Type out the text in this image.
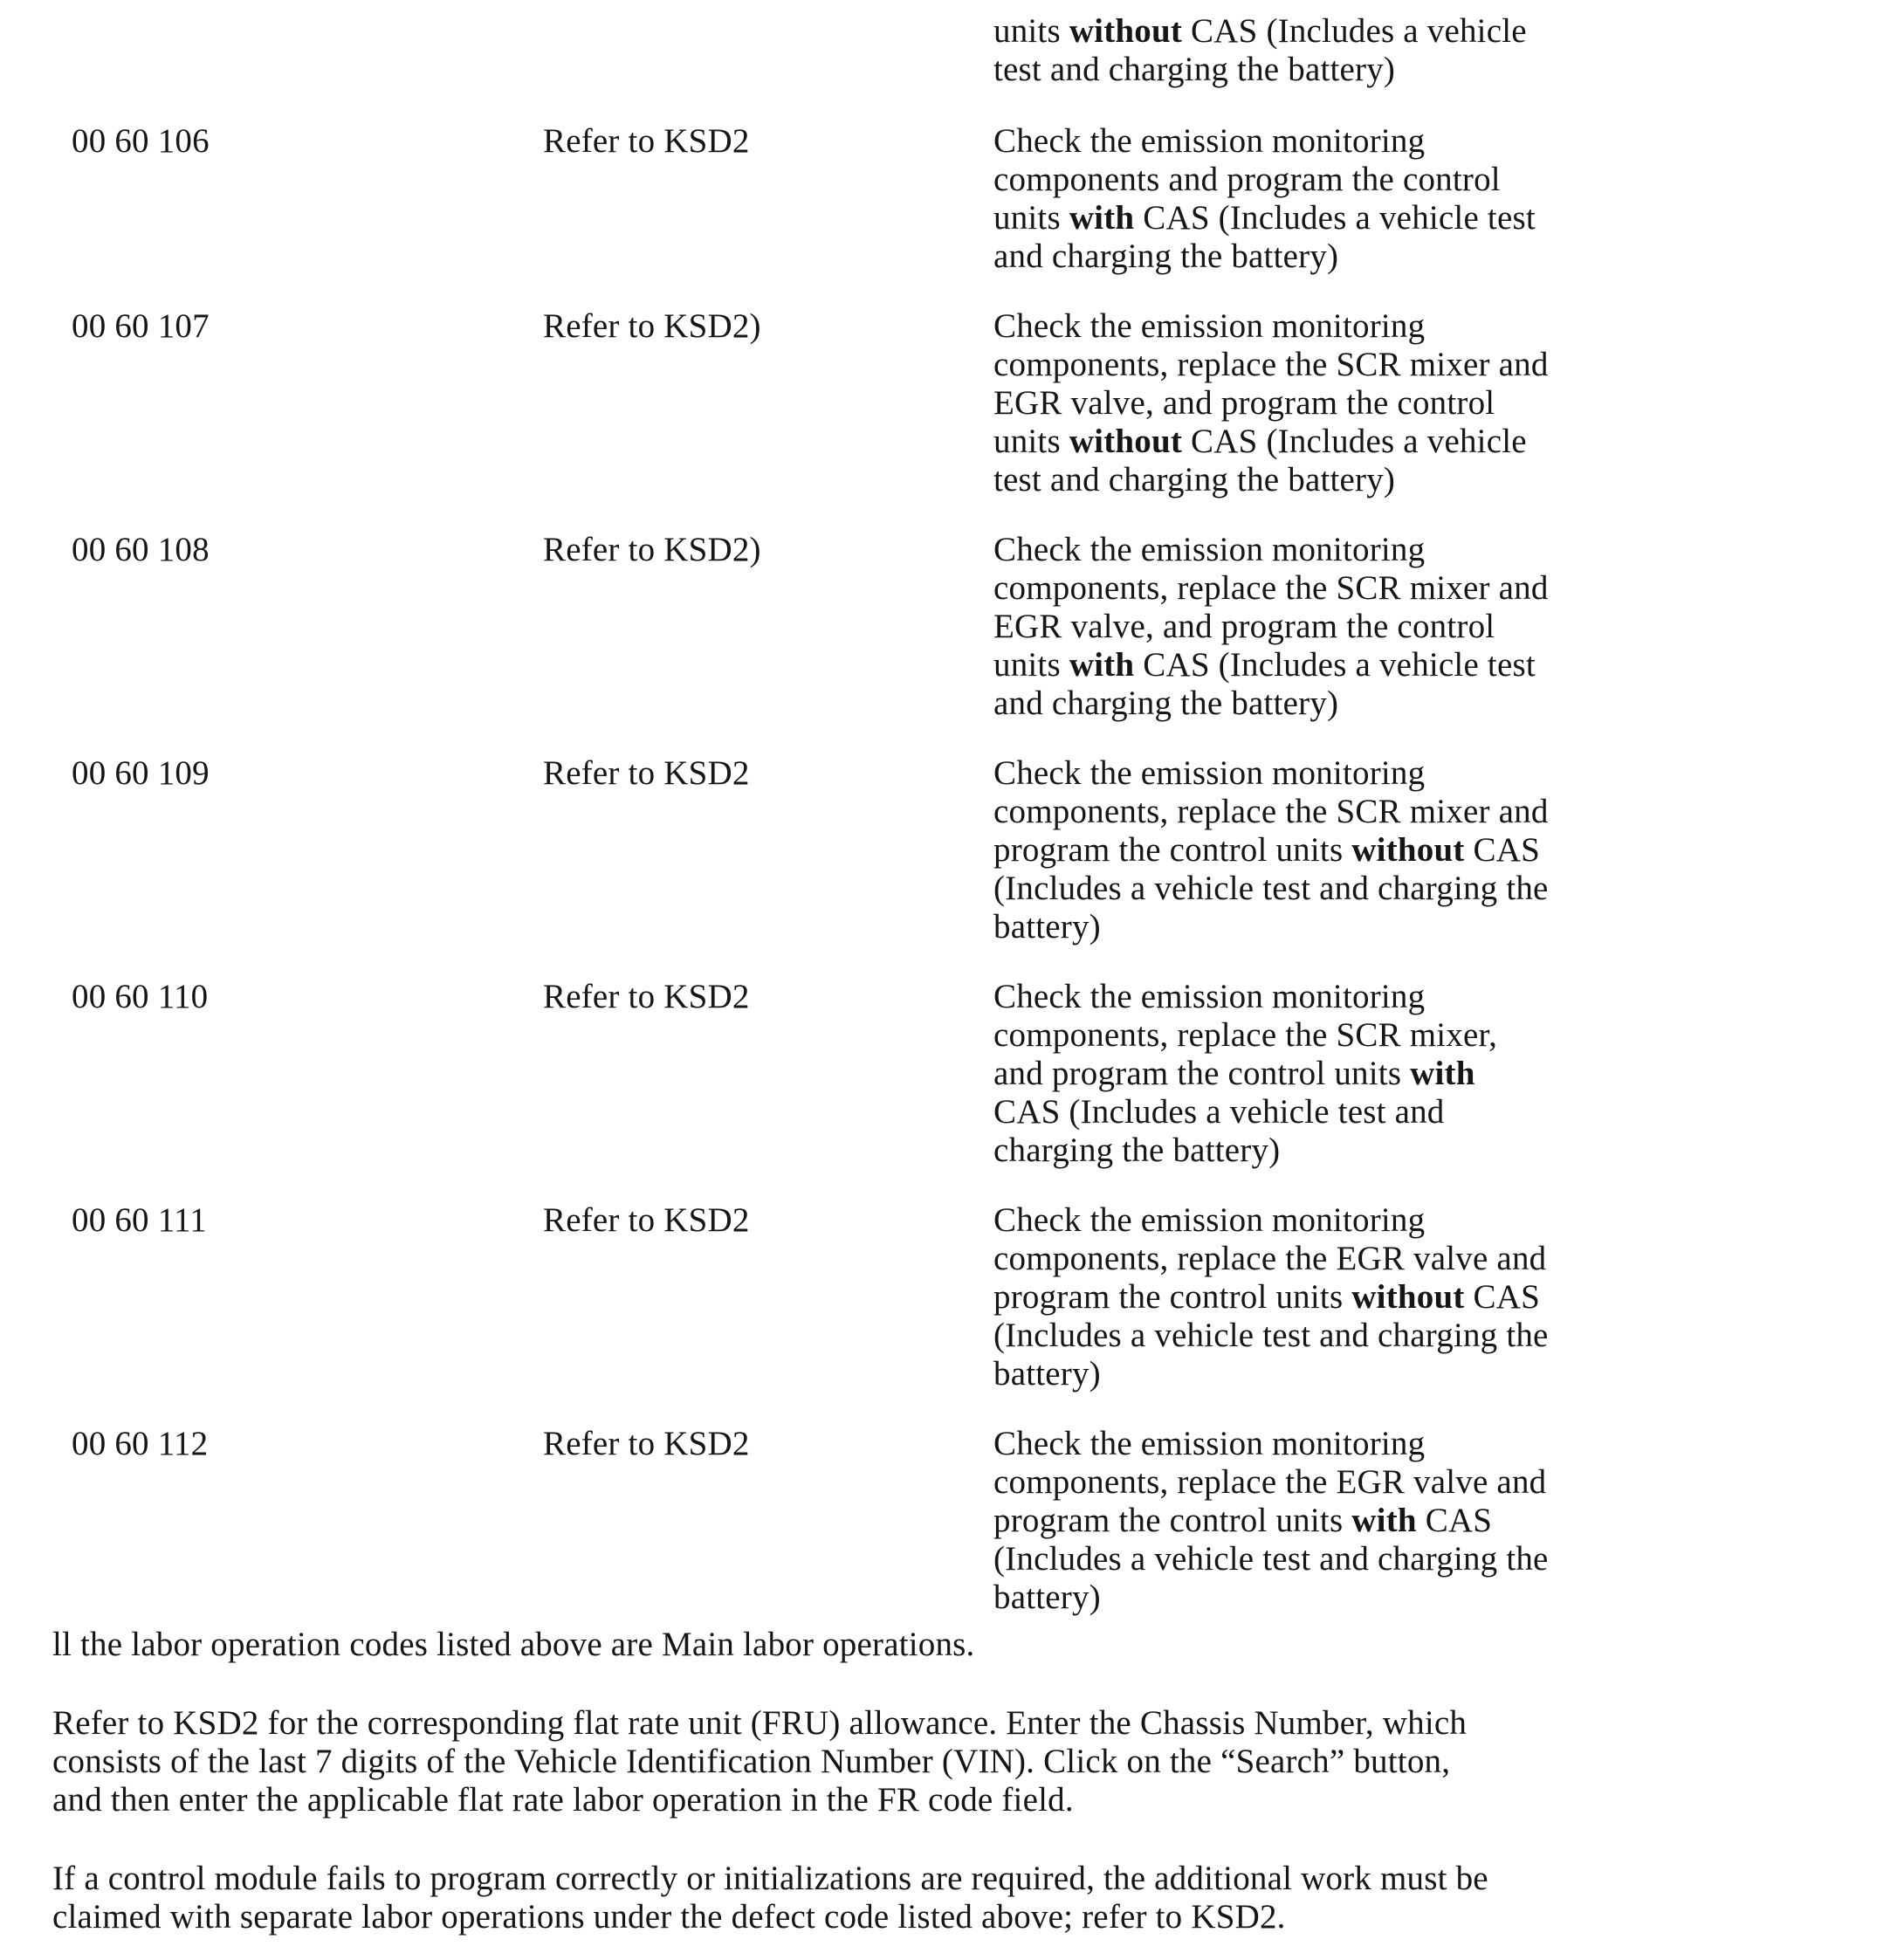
units without CAS (Includes a vehicle
test and charging the battery)
00 60 106	Refer to KSD2	Check the emission monitoring
components and program the control
units with CAS (Includes a vehicle test
and charging the battery)
00 60 107	Refer to KSD2)	Check the emission monitoring
components, replace the SCR mixer and
EGR valve, and program the control
units without CAS (Includes a vehicle
test and charging the battery)
00 60 108	Refer to KSD2)	Check the emission monitoring
components, replace the SCR mixer and
EGR valve, and program the control
units with CAS (Includes a vehicle test
and charging the battery)
00 60 109	Refer to KSD2	Check the emission monitoring
components, replace the SCR mixer and
program the control units without CAS
(Includes a vehicle test and charging the
battery)
00 60 110	Refer to KSD2	Check the emission monitoring
components, replace the SCR mixer,
and program the control units with
CAS (Includes a vehicle test and
charging the battery)
00 60 111	Refer to KSD2	Check the emission monitoring
components, replace the EGR valve and
program the control units without CAS
(Includes a vehicle test and charging the
battery)
00 60 112	Refer to KSD2	Check the emission monitoring
components, replace the EGR valve and
program the control units with CAS
(Includes a vehicle test and charging the
battery)
ll the labor operation codes listed above are Main labor operations.
Refer to KSD2 for the corresponding flat rate unit (FRU) allowance. Enter the Chassis Number, which
consists of the last 7 digits of the Vehicle Identification Number (VIN). Click on the “Search” button,
and then enter the applicable flat rate labor operation in the FR code field.
If a control module fails to program correctly or initializations are required, the additional work must be
claimed with separate labor operations under the defect code listed above; refer to KSD2.
